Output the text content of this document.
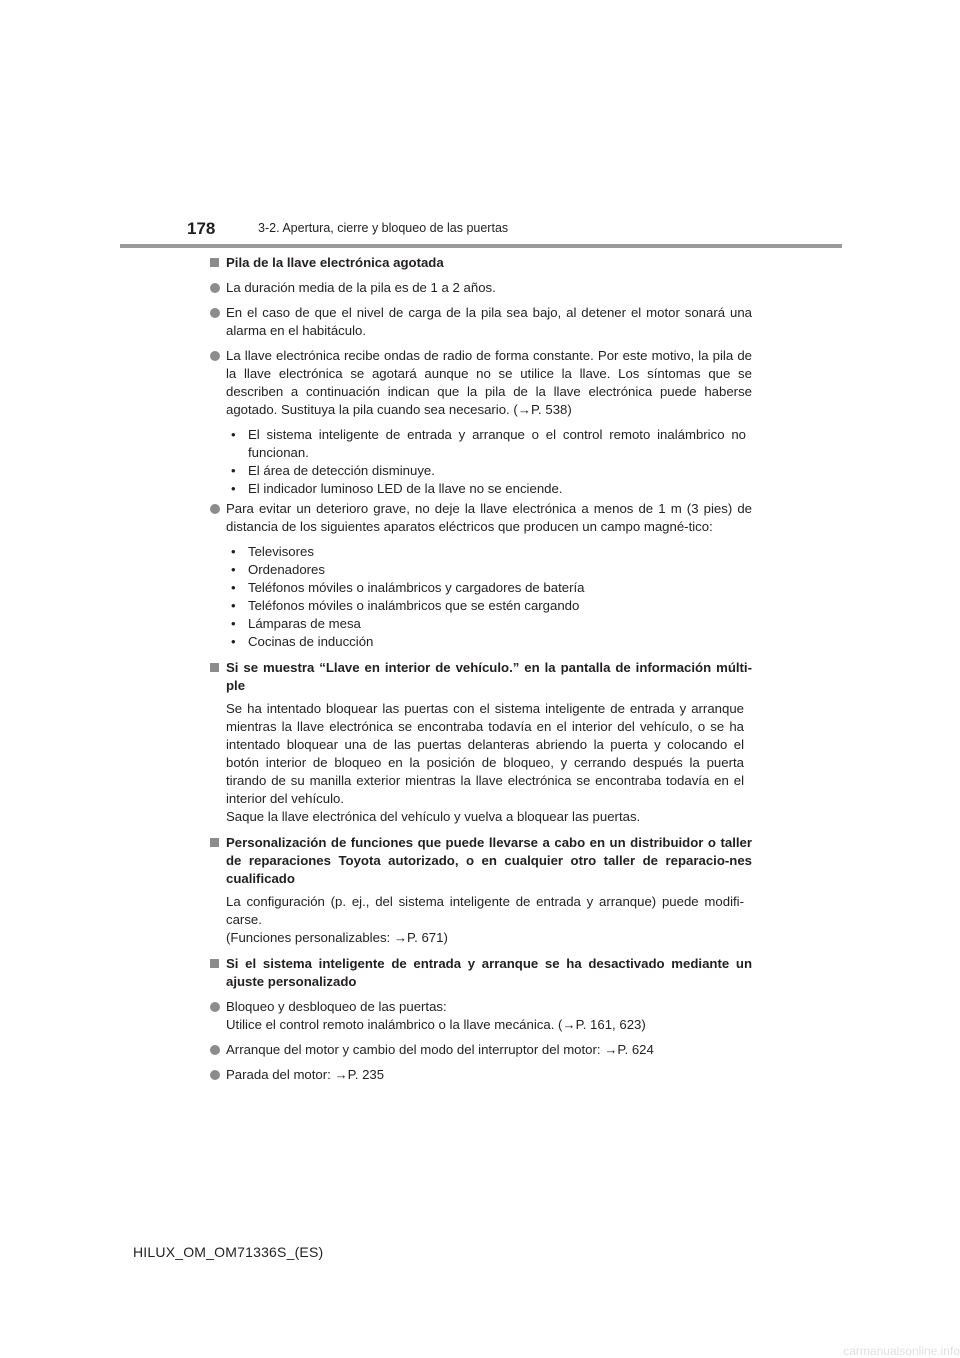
178	3-2. Apertura, cierre y bloqueo de las puertas
Pila de la llave electrónica agotada
La duración media de la pila es de 1 a 2 años.
En el caso de que el nivel de carga de la pila sea bajo, al detener el motor sonará una alarma en el habitáculo.
La llave electrónica recibe ondas de radio de forma constante. Por este motivo, la pila de la llave electrónica se agotará aunque no se utilice la llave. Los síntomas que se describen a continuación indican que la pila de la llave electrónica puede haberse agotado. Sustituya la pila cuando sea necesario. (→P. 538)
• El sistema inteligente de entrada y arranque o el control remoto inalámbrico no funcionan.
• El área de detección disminuye.
• El indicador luminoso LED de la llave no se enciende.
Para evitar un deterioro grave, no deje la llave electrónica a menos de 1 m (3 pies) de distancia de los siguientes aparatos eléctricos que producen un campo magné-tico:
• Televisores
• Ordenadores
• Teléfonos móviles o inalámbricos y cargadores de batería
• Teléfonos móviles o inalámbricos que se estén cargando
• Lámparas de mesa
• Cocinas de inducción
Si se muestra “Llave en interior de vehículo.” en la pantalla de información múlti-ple
Se ha intentado bloquear las puertas con el sistema inteligente de entrada y arranque mientras la llave electrónica se encontraba todavía en el interior del vehículo, o se ha intentado bloquear una de las puertas delanteras abriendo la puerta y colocando el botón interior de bloqueo en la posición de bloqueo, y cerrando después la puerta tirando de su manilla exterior mientras la llave electrónica se encontraba todavía en el interior del vehículo.
Saque la llave electrónica del vehículo y vuelva a bloquear las puertas.
Personalización de funciones que puede llevarse a cabo en un distribuidor o taller de reparaciones Toyota autorizado, o en cualquier otro taller de reparacio-nes cualificado
La configuración (p. ej., del sistema inteligente de entrada y arranque) puede modifi-carse.
(Funciones personalizables: →P. 671)
Si el sistema inteligente de entrada y arranque se ha desactivado mediante un ajuste personalizado
Bloqueo y desbloqueo de las puertas:
Utilice el control remoto inalámbrico o la llave mecánica. (→P. 161, 623)
Arranque del motor y cambio del modo del interruptor del motor: →P. 624
Parada del motor: →P. 235
HILUX_OM_OM71336S_(ES)
carmanualsonline.info
